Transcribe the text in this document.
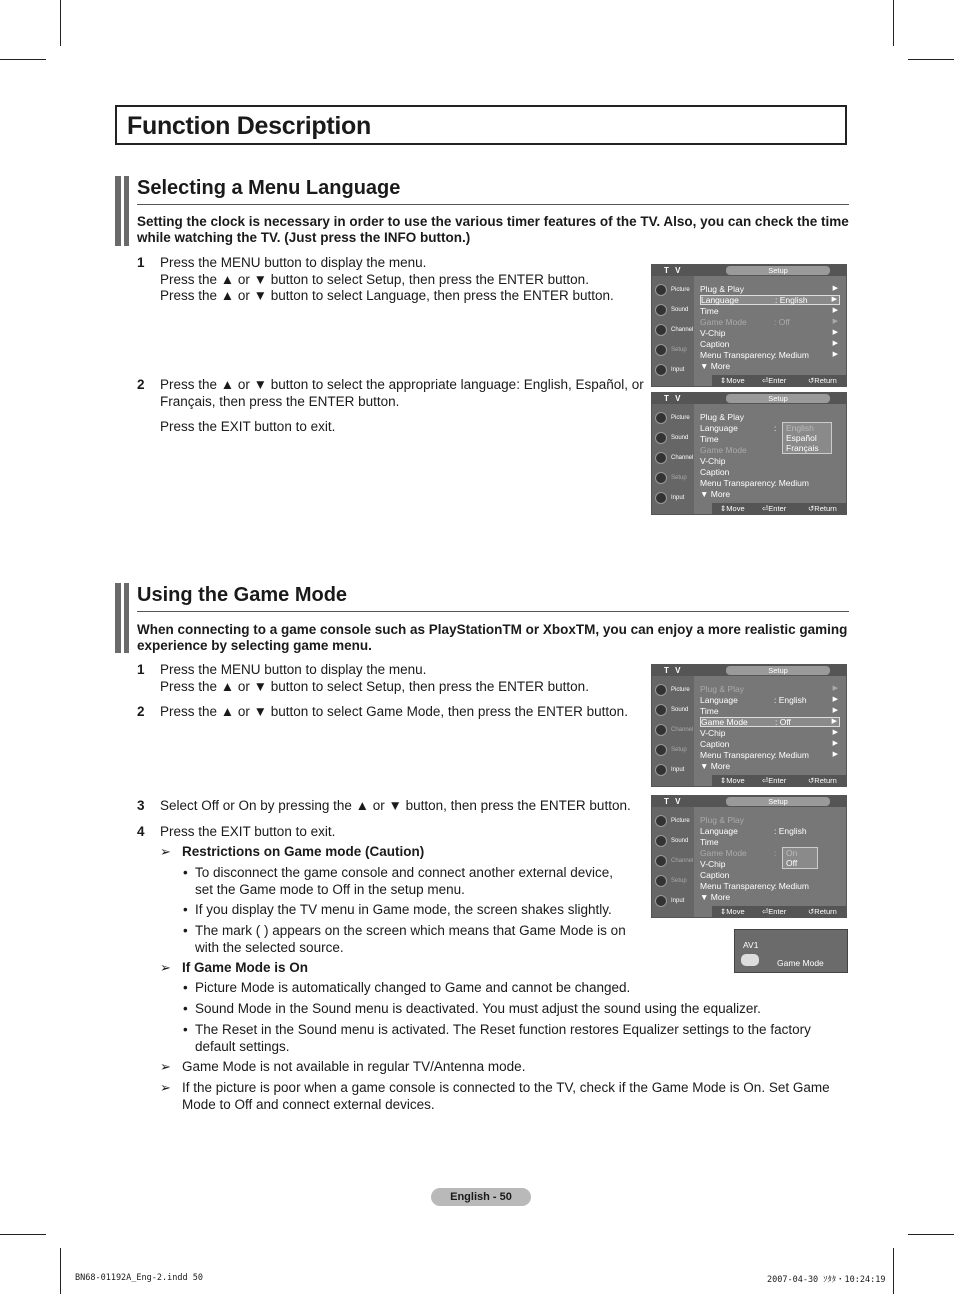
Function Description
Selecting a Menu Language
Setting the clock is necessary in order to use the various timer features of the TV. Also, you can check the time while watching the TV. (Just press the INFO button.)
1 Press the MENU button to display the menu.
Press the ▲ or ▼ button to select Setup, then press the ENTER button.
Press the ▲ or ▼ button to select Language, then press the ENTER button.
2 Press the ▲ or ▼ button to select the appropriate language: English, Español, or
Français, then press the ENTER button.
Press the EXIT button to exit.
T V	Setup
Picture
Sound
Channel
Setup
Input
Plug & Play	▶
Language	: English	▶
Time	▶
Game Mode	: Off	▶
V-Chip	▶
Caption	▶
Menu Transparency
: Medium	▶
▼ More
⇕ Move ⏎ Enter	↺ Return
T V	Setup
Picture
Sound
Channel
Setup
Input
Plug & Play
Language	:
Time
Game Mode
V-Chip
Caption
Menu Transparency
: Medium
▼ More
English
Español
Français
⇕ Move ⏎ Enter	↺ Return
Using the Game Mode
When connecting to a game console such as PlayStationTM or XboxTM, you can enjoy a more realistic gaming experience by selecting game menu.
1 Press the MENU button to display the menu.
Press the ▲ or ▼ button to select Setup, then press the ENTER button.
2 Press the ▲ or ▼ button to select Game Mode, then press the ENTER button.
3 Select Off or On by pressing the ▲ or ▼ button, then press the ENTER button.
4 Press the EXIT button to exit.
➢ Restrictions on Game mode (Caution)
• To disconnect the game console and connect another external device, set the Game mode to Off in the setup menu.
• If you display the TV menu in Game mode, the screen shakes slightly.
• The mark ( ) appears on the screen which means that Game Mode is on with the selected source.
➢ If Game Mode is On
• Picture Mode is automatically changed to Game and cannot be changed.
• Sound Mode in the Sound menu is deactivated. You must adjust the sound using the equalizer.
• The Reset in the Sound menu is activated. The Reset function restores Equalizer settings to the factory default settings.
➢ Game Mode is not available in regular TV/Antenna mode.
➢ If the picture is poor when a game console is connected to the TV, check if the Game Mode is On. Set Game Mode to Off and connect external devices.
T V	Setup
Picture
Sound
Channel
Setup
Input
Plug & Play	▶
Language	: English	▶
Time	▶
Game Mode	: Off	▶
V-Chip	▶
Caption	▶
Menu Transparency
: Medium	▶
▼ More
⇕ Move ⏎ Enter	↺ Return
T V	Setup
Picture
Sound
Channel
Setup
Input
Plug & Play
Language	: English
Time
Game Mode	:
V-Chip
Caption
Menu Transparency
: Medium
▼ More
On
Off
⇕ Move ⏎ Enter	↺ Return
AV1
Game Mode
English - 50
BN68-01192A_Eng-2.indd 50	2007-04-30 ｿﾀﾀ・10:24:19
